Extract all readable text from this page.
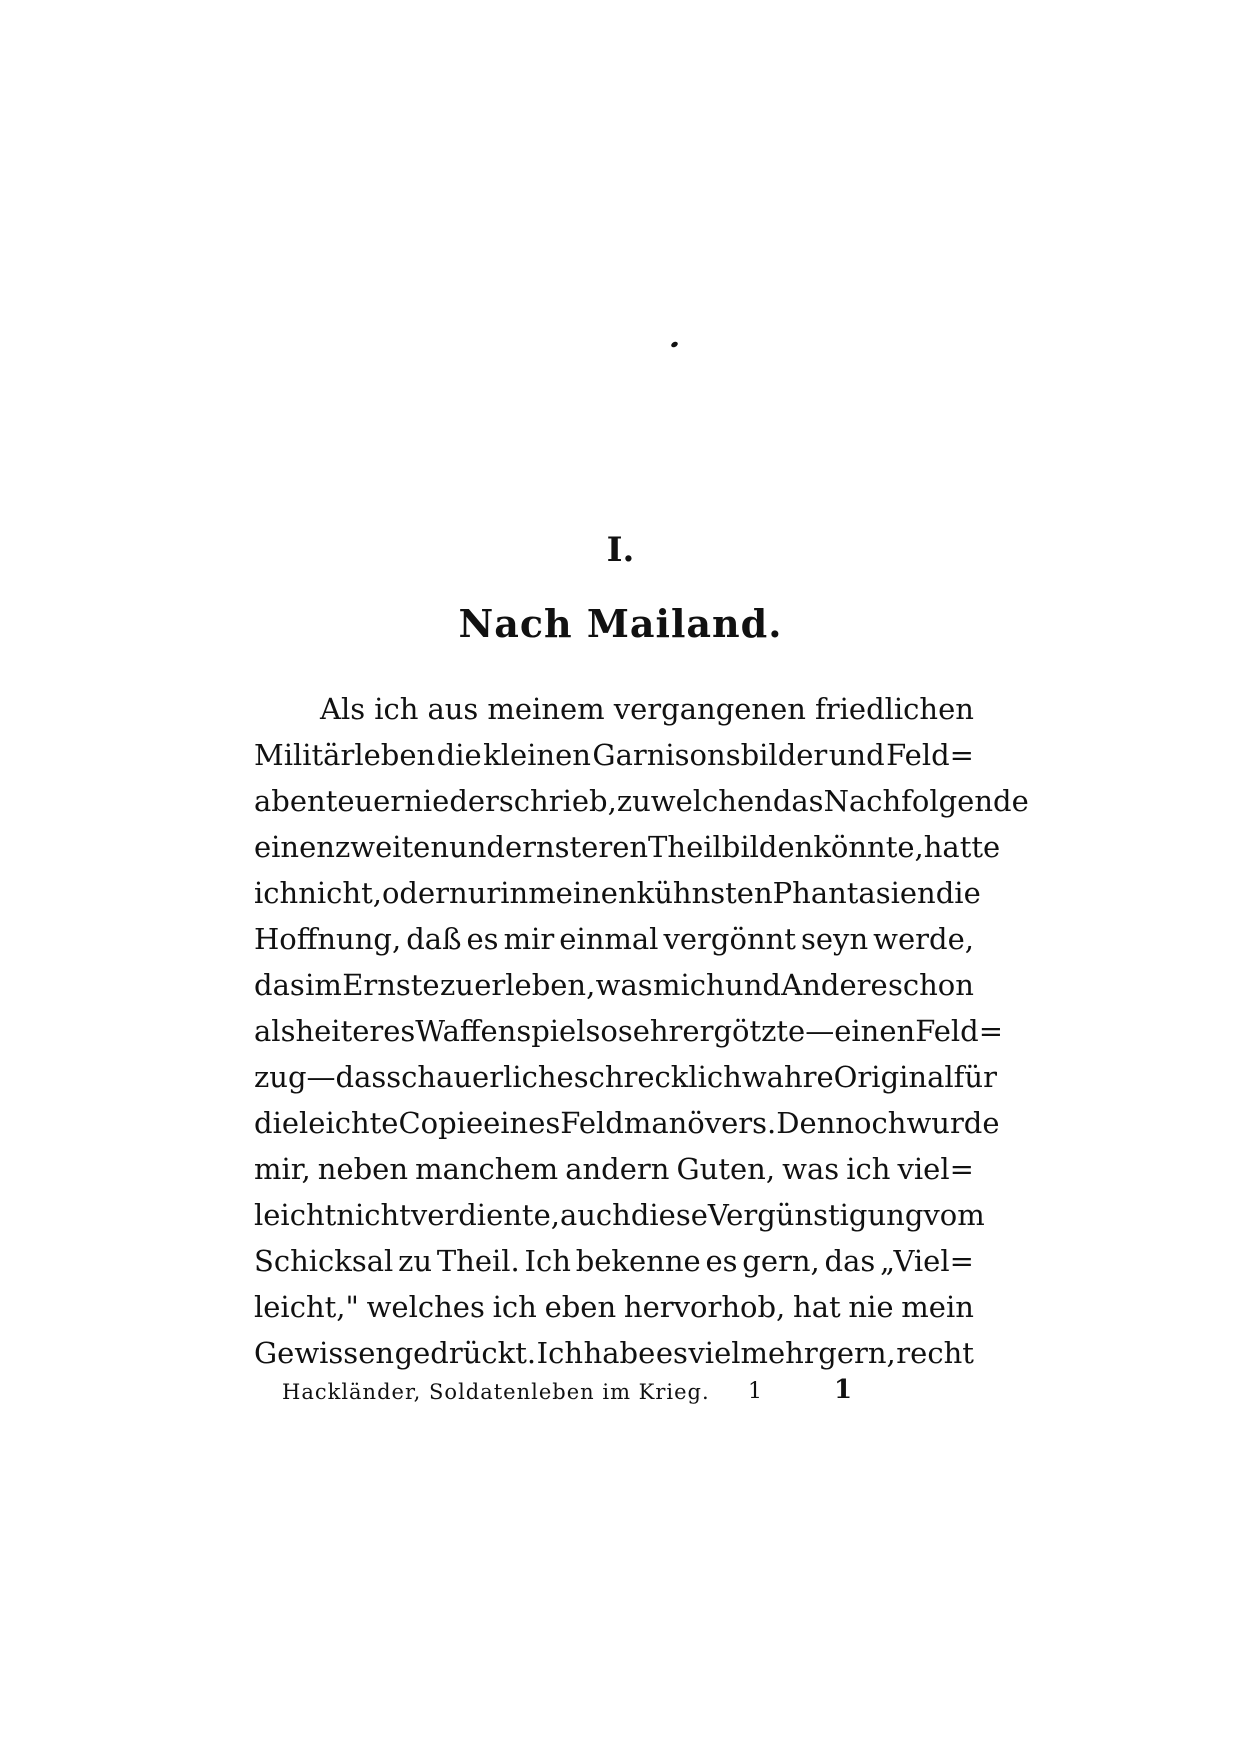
I.
Nach Mailand.
Als ich aus meinem vergangenen friedlichen
Militärleben die kleinen Garnisonsbilder und Feld=
abenteuer niederschrieb, zu welchen das Nachfolgende
einen zweiten und ernsteren Theil bilden könnte, hatte
ich nicht, oder nur in meinen kühnsten Phantasien die
Hoffnung, daß es mir einmal vergönnt seyn werde,
das im Ernste zu erleben, was mich und Andere schon
als heiteres Waffenspiel so sehr ergötzte — einen Feld=
zug — das schauerliche schrecklich wahre Original für
die leichte Copie eines Feldmanövers. Dennoch wurde
mir, neben manchem andern Guten, was ich viel=
leicht nicht verdiente, auch diese Vergünstigung vom
Schicksal zu Theil. Ich bekenne es gern, das „Viel=
leicht," welches ich eben hervorhob, hat nie mein
Gewissen gedrückt. Ich habe es vielmehr gern, recht
Hackländer, Soldatenleben im Krieg. 1	1
